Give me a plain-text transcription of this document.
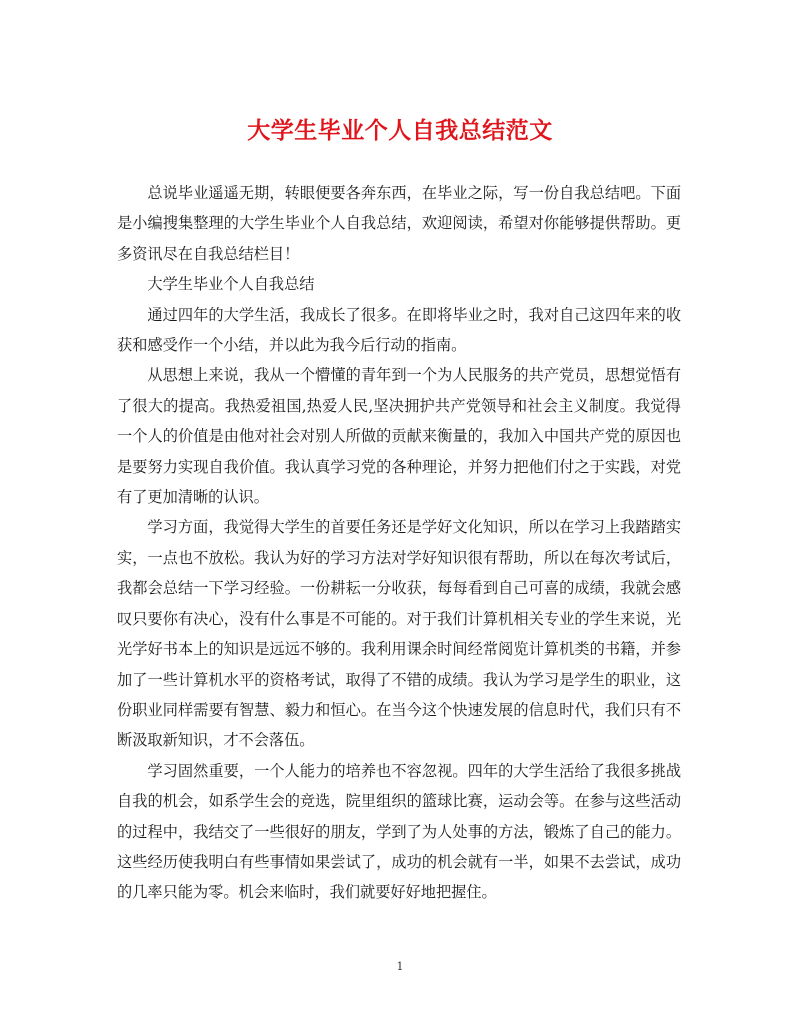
大学生毕业个人自我总结范文

总说毕业遥遥无期，转眼便要各奔东西，在毕业之际，写一份自我总结吧。下面是小编搜集整理的大学生毕业个人自我总结，欢迎阅读，希望对你能够提供帮助。更多资讯尽在自我总结栏目！

大学生毕业个人自我总结

通过四年的大学生活，我成长了很多。在即将毕业之时，我对自己这四年来的收获和感受作一个小结，并以此为我今后行动的指南。

从思想上来说，我从一个懵懂的青年到一个为人民服务的共产党员，思想觉悟有了很大的提高。我热爱祖国,热爱人民,坚决拥护共产党领导和社会主义制度。我觉得一个人的价值是由他对社会对别人所做的贡献来衡量的，我加入中国共产党的原因也是要努力实现自我价值。我认真学习党的各种理论，并努力把他们付之于实践，对党有了更加清晰的认识。

学习方面，我觉得大学生的首要任务还是学好文化知识，所以在学习上我踏踏实实，一点也不放松。我认为好的学习方法对学好知识很有帮助，所以在每次考试后，我都会总结一下学习经验。一份耕耘一分收获，每每看到自己可喜的成绩，我就会感叹只要你有决心，没有什么事是不可能的。对于我们计算机相关专业的学生来说，光光学好书本上的知识是远远不够的。我利用课余时间经常阅览计算机类的书籍，并参加了一些计算机水平的资格考试，取得了不错的成绩。我认为学习是学生的职业，这份职业同样需要有智慧、毅力和恒心。在当今这个快速发展的信息时代，我们只有不断汲取新知识，才不会落伍。

学习固然重要，一个人能力的培养也不容忽视。四年的大学生活给了我很多挑战自我的机会，如系学生会的竞选，院里组织的篮球比赛，运动会等。在参与这些活动的过程中，我结交了一些很好的朋友，学到了为人处事的方法，锻炼了自己的能力。这些经历使我明白有些事情如果尝试了，成功的机会就有一半，如果不去尝试，成功的几率只能为零。机会来临时，我们就要好好地把握住。

1
